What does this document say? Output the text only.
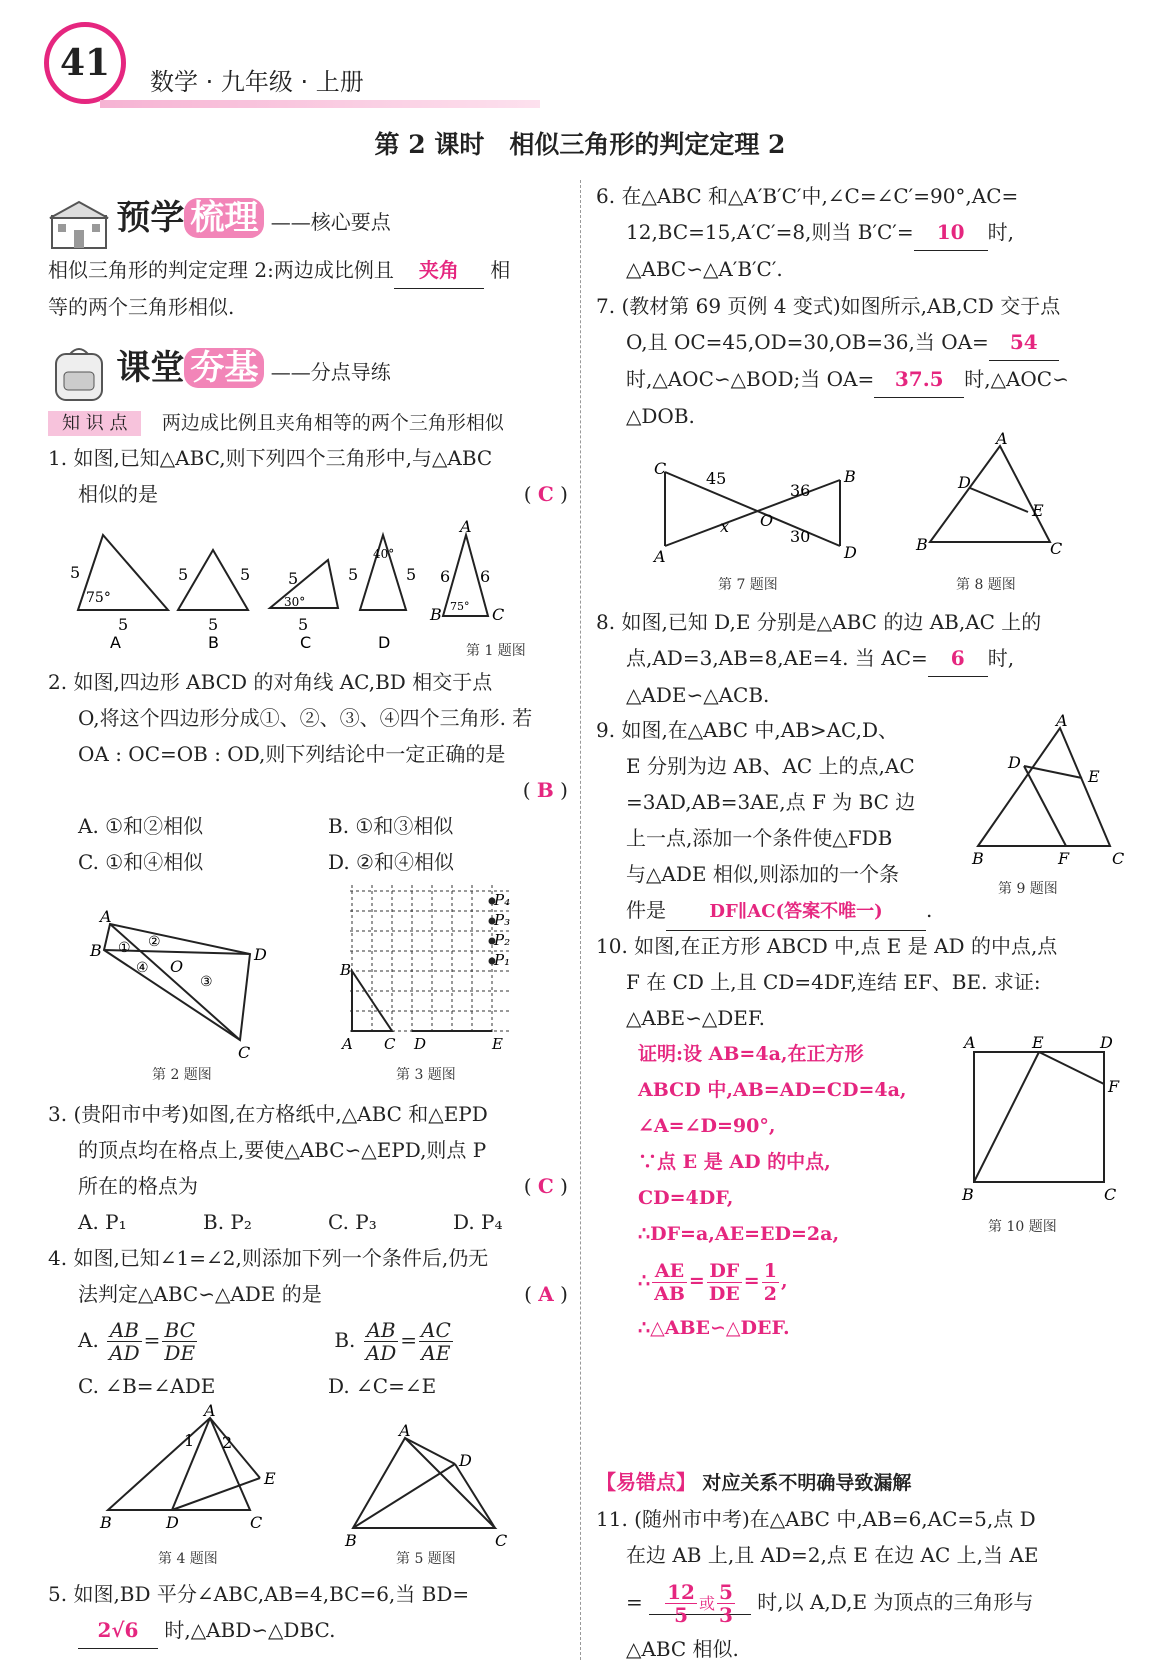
41	数学 · 九年级 · 上册
第 2 课时　相似三角形的判定定理 2
预学 梳理 ——核心要点
相似三角形的判定定理 2:两边成比例且 夹角 相
等的两个三角形相似.
课堂 夯基 ——分点导练
知 识 点 两边成比例且夹角相等的两个三角形相似
1. 如图,已知△ABC,则下列四个三角形中,与△ABC
相似的是	( C )
5
5
75°
5	5
5
5
5
30°
5	5
40°
A	B	C	D
A
B	C
6 6
75°
第 1 题图
2. 如图,四边形 ABCD 的对角线 AC,BD 相交于点
O,将这个四边形分成①、②、③、④四个三角形. 若
OA : OC=OB : OD,则下列结论中一定正确的是
( B )
A. ①和②相似	B. ①和③相似
C. ①和④相似	D. ②和④相似
A
B	D
C
O
① ②
③
④
第 2 题图
P₄
P₃
P₂
P₁
B
A C D	E
第 3 题图
3. (贵阳市中考)如图,在方格纸中,△ABC 和△EPD
的顶点均在格点上,要使△ABC∽△EPD,则点 P
所在的格点为	( C )
A. P₁	B. P₂	C. P₃	D. P₄
4. 如图,已知∠1=∠2,则添加下列一个条件后,仍无
法判定△ABC∽△ADE 的是	( A )
A. $\frac{AB}{AD} = \frac{BC}{DE}$	B. $\frac{AB}{AD} = \frac{AC}{AE}$
C. ∠B=∠ADE	D. ∠C=∠E
A
B	D	C
E
1 2
第 4 题图
A
B	C
D
第 5 题图
5. 如图,BD 平分∠ABC,AB=4,BC=6,当 BD=
2√6 时,△ABD∽△DBC.
6. 在△ABC 和△A′B′C′中,∠C=∠C′=90°,AC=
12,BC=15,A′C′=8,则当 B′C′= 10 时,
△ABC∽△A′B′C′.
7. (教材第 69 页例 4 变式)如图所示,AB,CD 交于点
O,且 OC=45,OD=30,OB=36,当 OA= 54
时,△AOC∽△BOD;当 OA= 37.5 时,△AOC∽
△DOB.
C
A
B
D
O
45
36
30
x
第 7 题图
A
B	C
D
E
第 8 题图
8. 如图,已知 D,E 分别是△ABC 的边 AB,AC 上的
点,AD=3,AB=8,AE=4. 当 AC= 6 时,
△ADE∽△ACB.
9. 如图,在△ABC 中,AB>AC,D、
E 分别为边 AB、AC 上的点,AC
=3AD,AB=3AE,点 F 为 BC 边
上一点,添加一个条件使△FDB
与△ADE 相似,则添加的一个条
件是 DF∥AC(答案不唯一) .
A
B	C
F
D
E
第 9 题图
10. 如图,在正方形 ABCD 中,点 E 是 AD 的中点,点
F 在 CD 上,且 CD=4DF,连结 EF、BE. 求证:
△ABE∽△DEF.
证明:设 AB=4a,在正方形
ABCD 中,AB=AD=CD=4a,
∠A=∠D=90°,
∵点 E 是 AD 的中点,
CD=4DF,
∴DF=a,AE=ED=2a,
∴ $\frac{AE}{AB} = \frac{DF}{DE} = \frac{1}{2}$ ,
∴△ABE∽△DEF.
A	E	D
F
B	C
第 10 题图
【易错点】 对应关系不明确导致漏解
11. (随州市中考)在△ABC 中,AB=6,AC=5,点 D
在边 AB 上,且 AD=2,点 E 在边 AC 上,当 AE
= $\frac{12}{5}$ 或 $\frac{5}{3}$ 时,以 A,D,E 为顶点的三角形与
△ABC 相似.
